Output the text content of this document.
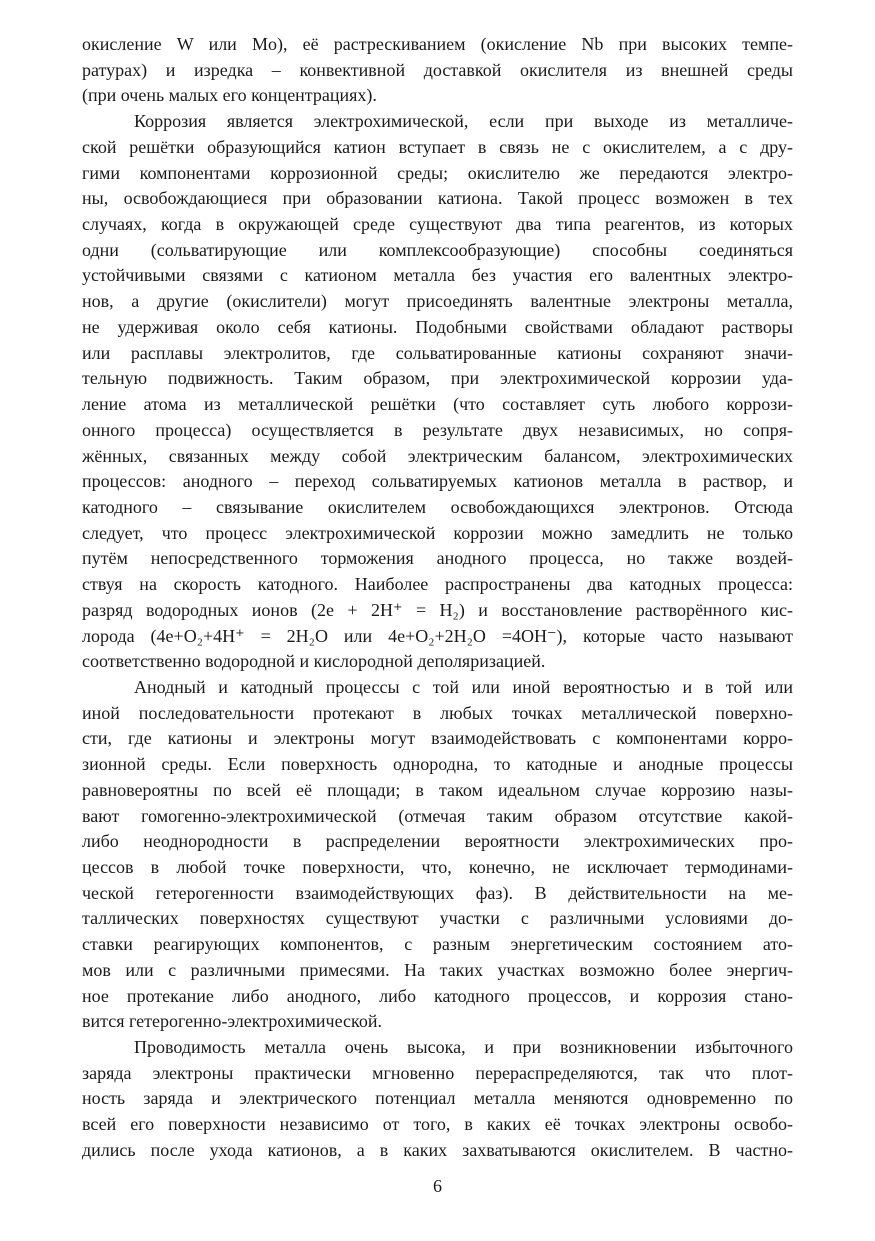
окисление W или Mo), её растрескиванием (окисление Nb при высоких темпе-
ратурах) и изредка – конвективной доставкой окислителя из внешней среды
(при очень малых его концентрациях).
Коррозия является электрохимической, если при выходе из металличе-
ской решётки образующийся катион вступает в связь не с окислителем, а с дру-
гими компонентами коррозионной среды; окислителю же передаются электро-
ны, освобождающиеся при образовании катиона. Такой процесс возможен в тех
случаях, когда в окружающей среде существуют два типа реагентов, из которых
одни (сольватирующие или комплексообразующие) способны соединяться
устойчивыми связями с катионом металла без участия его валентных электро-
нов, а другие (окислители) могут присоединять валентные электроны металла,
не удерживая около себя катионы. Подобными свойствами обладают растворы
или расплавы электролитов, где сольватированные катионы сохраняют значи-
тельную подвижность. Таким образом, при электрохимической коррозии уда-
ление атома из металлической решётки (что составляет суть любого коррози-
онного процесса) осуществляется в результате двух независимых, но сопря-
жённых, связанных между собой электрическим балансом, электрохимических
процессов: анодного – переход сольватируемых катионов металла в раствор, и
катодного – связывание окислителем освобождающихся электронов. Отсюда
следует, что процесс электрохимической коррозии можно замедлить не только
путём непосредственного торможения анодного процесса, но также воздей-
ствуя на скорость катодного. Наиболее распространены два катодных процесса:
разряд водородных ионов (2e + 2H⁺ = H₂) и восстановление растворённого кис-
лорода (4e+O₂+4H⁺ = 2H₂O или 4e+O₂+2H₂O =4OH⁻), которые часто называют
соответственно водородной и кислородной деполяризацией.
Анодный и катодный процессы с той или иной вероятностью и в той или
иной последовательности протекают в любых точках металлической поверхно-
сти, где катионы и электроны могут взаимодействовать с компонентами корро-
зионной среды. Если поверхность однородна, то катодные и анодные процессы
равновероятны по всей её площади; в таком идеальном случае коррозию назы-
вают гомогенно-электрохимической (отмечая таким образом отсутствие какой-
либо неоднородности в распределении вероятности электрохимических про-
цессов в любой точке поверхности, что, конечно, не исключает термодинами-
ческой гетерогенности взаимодействующих фаз). В действительности на ме-
таллических поверхностях существуют участки с различными условиями до-
ставки реагирующих компонентов, с разным энергетическим состоянием ато-
мов или с различными примесями. На таких участках возможно более энергич-
ное протекание либо анодного, либо катодного процессов, и коррозия стано-
вится гетерогенно-электрохимической.
Проводимость металла очень высока, и при возникновении избыточного
заряда электроны практически мгновенно перераспределяются, так что плот-
ность заряда и электрического потенциал металла меняются одновременно по
всей его поверхности независимо от того, в каких её точках электроны освобо-
дились после ухода катионов, а в каких захватываются окислителем. В частно-
6
